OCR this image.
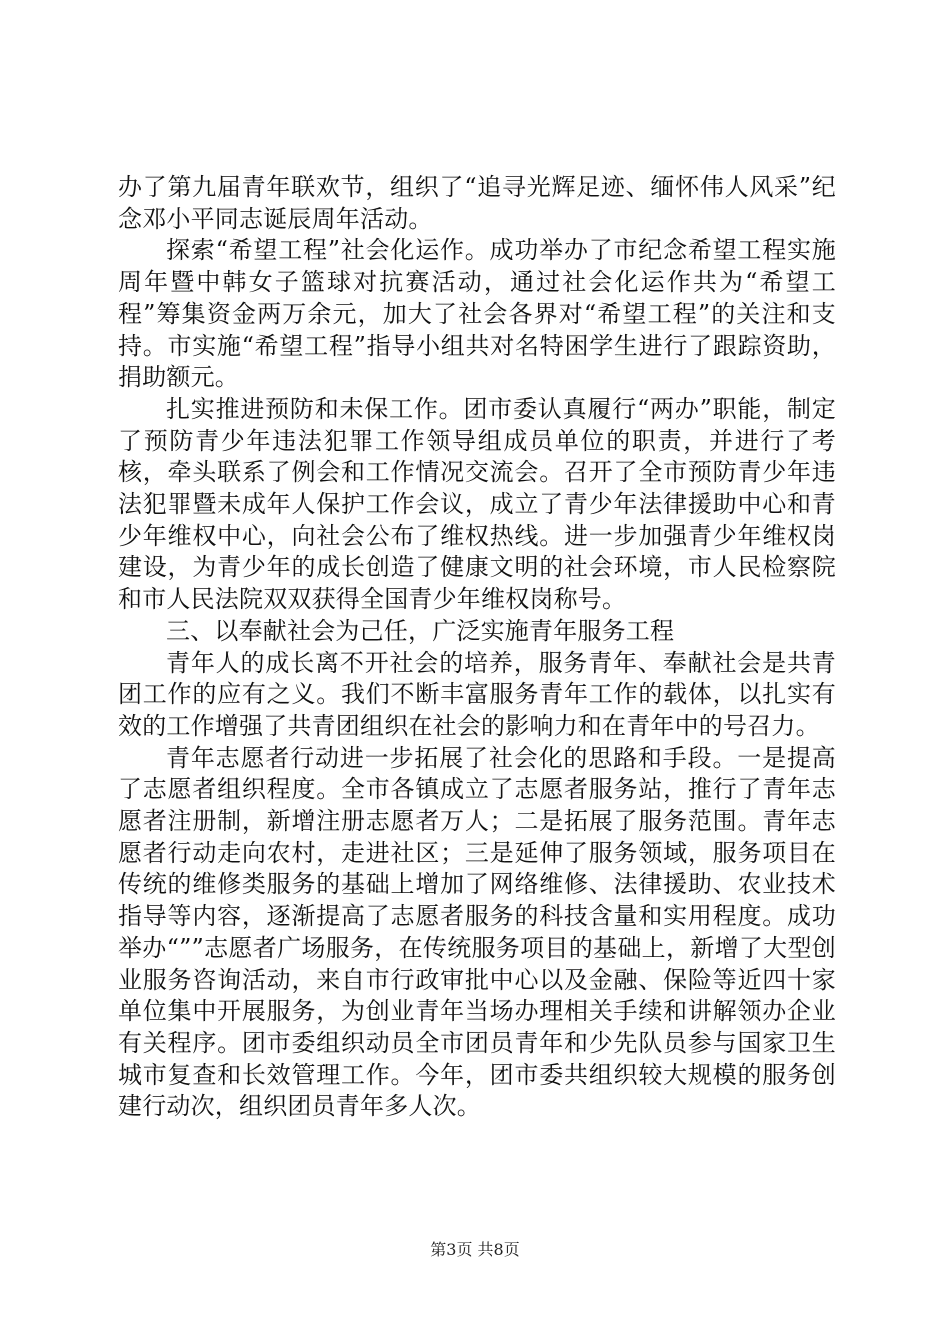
办了第九届青年联欢节，组织了“追寻光辉足迹、缅怀伟人风采”纪念邓小平同志诞辰周年活动。

探索“希望工程”社会化运作。成功举办了市纪念希望工程实施周年暨中韩女子篮球对抗赛活动，通过社会化运作共为“希望工程”筹集资金两万余元，加大了社会各界对“希望工程”的关注和支持。市实施“希望工程”指导小组共对名特困学生进行了跟踪资助，捐助额元。

扎实推进预防和未保工作。团市委认真履行“两办”职能，制定了预防青少年违法犯罪工作领导组成员单位的职责，并进行了考核，牵头联系了例会和工作情况交流会。召开了全市预防青少年违法犯罪暨未成年人保护工作会议，成立了青少年法律援助中心和青少年维权中心，向社会公布了维权热线。进一步加强青少年维权岗建设，为青少年的成长创造了健康文明的社会环境，市人民检察院和市人民法院双双获得全国青少年维权岗称号。

三、以奉献社会为己任，广泛实施青年服务工程

青年人的成长离不开社会的培养，服务青年、奉献社会是共青团工作的应有之义。我们不断丰富服务青年工作的载体，以扎实有效的工作增强了共青团组织在社会的影响力和在青年中的号召力。

青年志愿者行动进一步拓展了社会化的思路和手段。一是提高了志愿者组织程度。全市各镇成立了志愿者服务站，推行了青年志愿者注册制，新增注册志愿者万人；二是拓展了服务范围。青年志愿者行动走向农村，走进社区；三是延伸了服务领域，服务项目在传统的维修类服务的基础上增加了网络维修、法律援助、农业技术指导等内容，逐渐提高了志愿者服务的科技含量和实用程度。成功举办“””志愿者广场服务，在传统服务项目的基础上，新增了大型创业服务咨询活动，来自市行政审批中心以及金融、保险等近四十家单位集中开展服务，为创业青年当场办理相关手续和讲解领办企业有关程序。团市委组织动员全市团员青年和少先队员参与国家卫生城市复查和长效管理工作。今年，团市委共组织较大规模的服务创建行动次，组织团员青年多人次。

第3页 共8页
